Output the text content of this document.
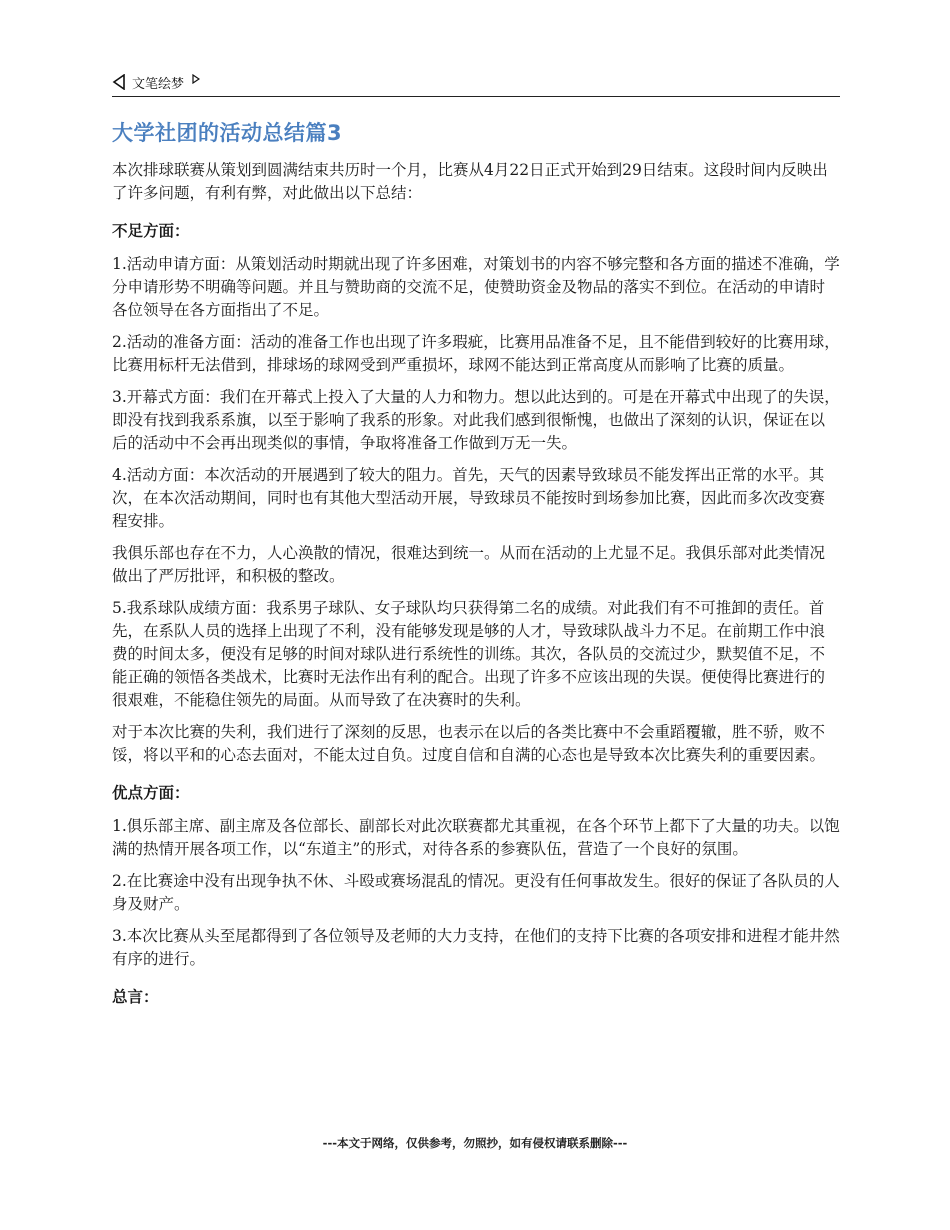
文笔绘梦
大学社团的活动总结篇3

本次排球联赛从策划到圆满结束共历时一个月，比赛从4月22日正式开始到29日结束。这段时间内反映出了许多问题，有利有弊，对此做出以下总结：

不足方面：

1.活动申请方面：从策划活动时期就出现了许多困难，对策划书的内容不够完整和各方面的描述不准确，学分申请形势不明确等问题。并且与赞助商的交流不足，使赞助资金及物品的落实不到位。在活动的申请时各位领导在各方面指出了不足。

2.活动的准备方面：活动的准备工作也出现了许多瑕疵，比赛用品准备不足，且不能借到较好的比赛用球，比赛用标杆无法借到，排球场的球网受到严重损坏，球网不能达到正常高度从而影响了比赛的质量。

3.开幕式方面：我们在开幕式上投入了大量的人力和物力。想以此达到的。可是在开幕式中出现了的失误，即没有找到我系系旗，以至于影响了我系的形象。对此我们感到很惭愧，也做出了深刻的认识，保证在以后的活动中不会再出现类似的事情，争取将准备工作做到万无一失。

4.活动方面：本次活动的开展遇到了较大的阻力。首先，天气的因素导致球员不能发挥出正常的水平。其次，在本次活动期间，同时也有其他大型活动开展，导致球员不能按时到场参加比赛，因此而多次改变赛程安排。

我俱乐部也存在不力，人心涣散的情况，很难达到统一。从而在活动的上尤显不足。我俱乐部对此类情况做出了严厉批评，和积极的整改。

5.我系球队成绩方面：我系男子球队、女子球队均只获得第二名的成绩。对此我们有不可推卸的责任。首先，在系队人员的选择上出现了不利，没有能够发现是够的人才，导致球队战斗力不足。在前期工作中浪费的时间太多，便没有足够的时间对球队进行系统性的训练。其次，各队员的交流过少，默契值不足，不能正确的领悟各类战术，比赛时无法作出有利的配合。出现了许多不应该出现的失误。便使得比赛进行的很艰难，不能稳住领先的局面。从而导致了在决赛时的失利。

对于本次比赛的失利，我们进行了深刻的反思，也表示在以后的各类比赛中不会重蹈覆辙，胜不骄，败不馁，将以平和的心态去面对，不能太过自负。过度自信和自满的心态也是导致本次比赛失利的重要因素。

优点方面：

1.俱乐部主席、副主席及各位部长、副部长对此次联赛都尤其重视，在各个环节上都下了大量的功夫。以饱满的热情开展各项工作，以“东道主”的形式，对待各系的参赛队伍，营造了一个良好的氛围。

2.在比赛途中没有出现争执不休、斗殴或赛场混乱的情况。更没有任何事故发生。很好的保证了各队员的人身及财产。

3.本次比赛从头至尾都得到了各位领导及老师的大力支持，在他们的支持下比赛的各项安排和进程才能井然有序的进行。

总言：
---本文于网络，仅供参考，勿照抄，如有侵权请联系删除---
